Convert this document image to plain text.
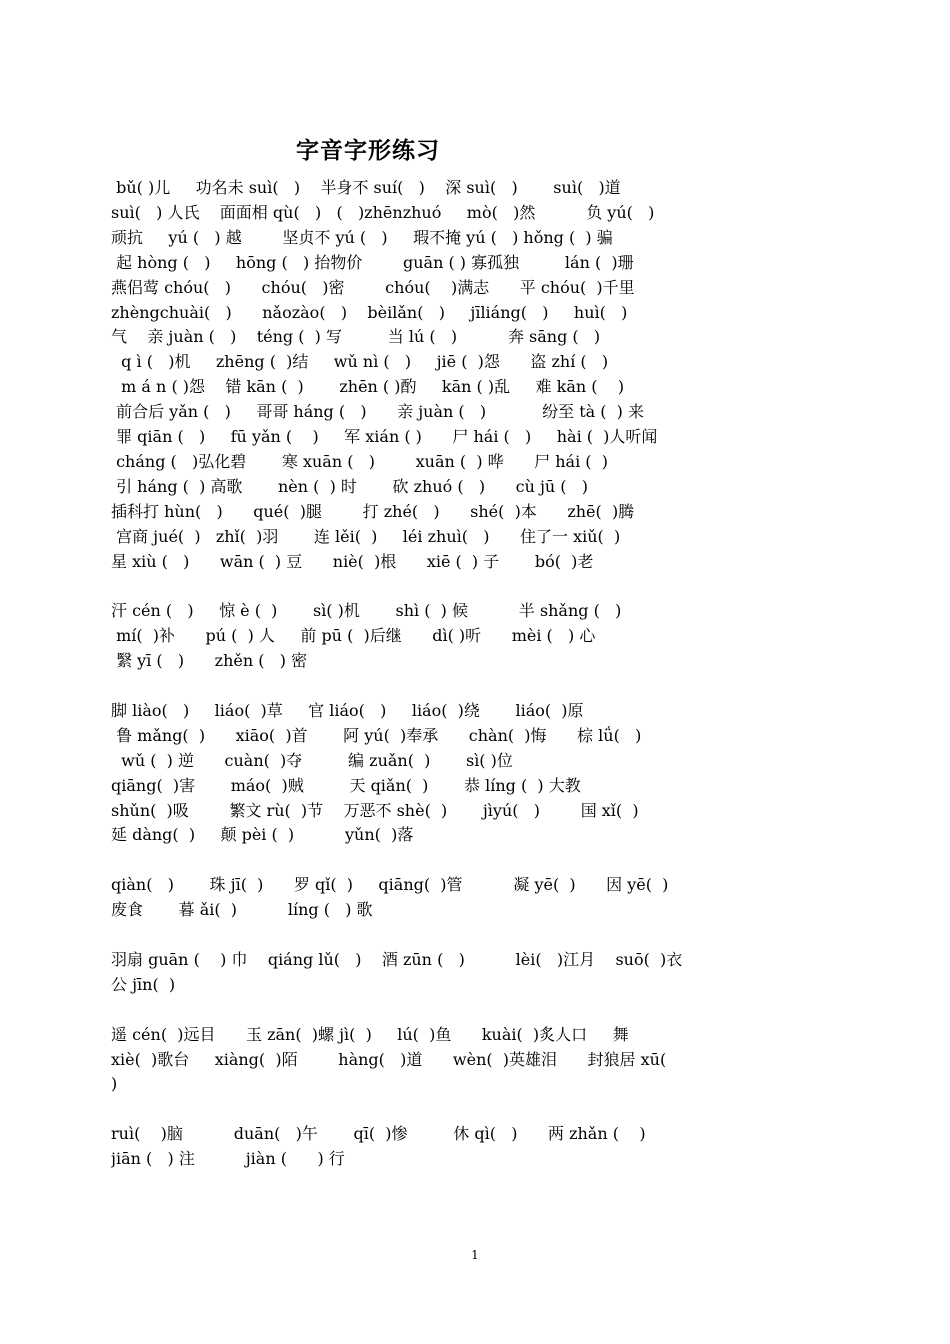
字音字形练习
bǔ( )儿     功名未 suì(   )    半身不 suí(   )    深 suì(   )       suì(   )道
suì(   ) 人氏    面面相 qù(   )   (   )zhēnzhuó     mò(   )然          负 yú(   )
顽抗     yú (   ) 越        坚贞不 yú (   )     瑕不掩 yú (   ) hǒng (  ) 骗
起 hòng (   )     hōng (   ) 抬物价        guān ( ) 寡孤独         lán (  )珊
燕侣莺 chóu(   )      chóu(   )密        chóu(    )满志      平 chóu(  )千里
zhèngchuài(   )      nǎozào(   )    bèilǎn(   )     jīliáng(   )     huì(   )
气    亲 juàn (   )    téng (  ) 写         当 lú (   )          奔 sāng (   )
q ì (   )机     zhēng (  )结     wǔ nì (   )     jiē (  )怨      盗 zhí (   )
m á n ( )怨    错 kān (  )       zhēn ( )酌     kān ( )乱     难 kān (    )
前合后 yǎn (   )     哥哥 háng (   )      亲 juàn (   )           纷至 tà (  ) 来
罪 qiān (   )     fū yǎn (    )     军 xián ( )      尸 hái (   )     hài (  )人听闻
cháng (   )弘化碧       寒 xuān (   )        xuān (  ) 哗      尸 hái (  )
引 háng (  ) 高歌       nèn (  ) 时       砍 zhuó (   )      cù jū (   )
插科打 hùn(   )      qué(  )腿        打 zhé(   )      shé(  )本      zhē(  )腾
宫商 jué(  )   zhǐ(  )羽       连 lěi(  )     léi zhuì(   )      住了一 xiǔ(  )
星 xiù (   )      wān (  ) 豆      niè(  )根      xiē (  ) 子       bó(  )老
汗 cén (   )     惊 è (  )       sì( )机       shì (  ) 候          半 shǎng (   )
mí(  )补      pú (  ) 人     前 pū (  )后继      dì( )听      mèi (   ) 心
繄 yī (   )      zhěn (   ) 密
脚 liào(   )     liáo(  )草     官 liáo(   )     liáo(  )绕       liáo(  )原
鲁 mǎng(  )      xiāo(  )首       阿 yú(  )奉承      chàn(  )悔      棕 lǘ(   )
wǔ (  ) 逆      cuàn(  )夺         编 zuǎn(  )       sì( )位
qiāng(  )害       máo(  )贼         天 qiǎn(  )       恭 líng (  ) 大教
shǔn(  )吸        繁文 rù(  )节    万恶不 shè(  )       jìyú(   )        国 xǐ(  )
延 dàng(  )     颠 pèi (  )          yǔn(  )落
qiàn(   )       珠 jī(  )      罗 qǐ(  )     qiāng(  )管          凝 yē(  )      因 yē(  )
废食       暮 ǎi(  )          líng (   ) 歌
羽扇 guān (    ) 巾    qiáng lǔ(   )    酒 zūn (   )          lèi(   )江月    suō(  )衣
公 jīn(  )
遥 cén(  )远目      玉 zān(  )螺 jì(  )     lú(  )鱼      kuài(  )炙人口     舞
xiè(  )歌台     xiàng(  )陌        hàng(   )道      wèn(  )英雄泪      封狼居 xū(
)
ruì(    )脑          duān(   )午       qī(  )惨         休 qì(   )      两 zhǎn (    )
jiān (   ) 注          jiàn (      ) 行
1
